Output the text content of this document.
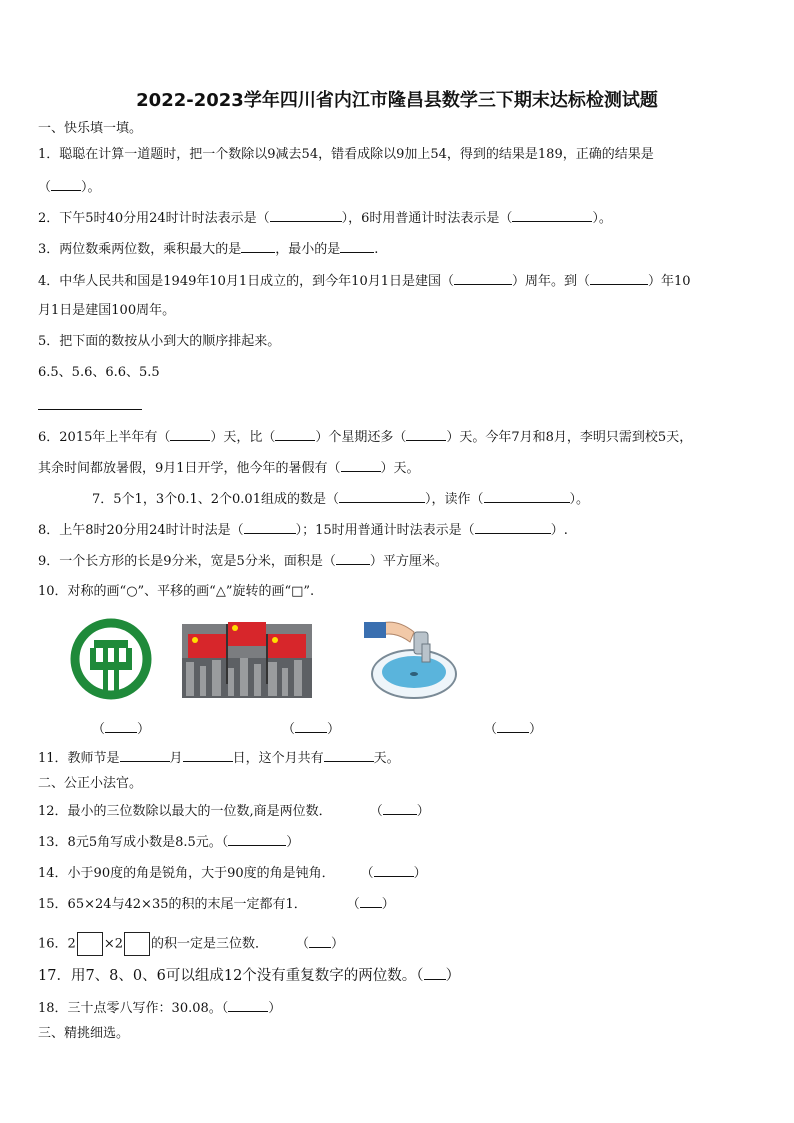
2022-2023学年四川省内江市隆昌县数学三下期末达标检测试题
一、快乐填一填。
1．聪聪在计算一道题时，把一个数除以9减去54，错看成除以9加上54，得到的结果是189，正确的结果是
（ ）。
2．下午5时40分用24时计时法表示是（	），6时用普通计时法表示是（	）。
3．两位数乘两位数，乘积最大的是	，最小的是	.
4．中华人民共和国是1949年10月1日成立的，到今年10月1日是建国（	）周年。到（	）年10
月1日是建国100周年。
5．把下面的数按从小到大的顺序排起来。
6.5、5.6、6.6、5.5
6．2015年上半年有（	）天，比（	）个星期还多（	）天。今年7月和8月，李明只需到校5天，
其余时间都放暑假，9月1日开学，他今年的暑假有（	）天。
7．5个1，3个0.1、2个0.01组成的数是（	），读作（	）。
8．上午8时20分用24时计时法是（	）；15时用普通计时法表示是（	）.
9．一个长方形的长是9分米，宽是5分米，面积是（	）平方厘米。
10．对称的画“○”、平移的画“△”旋转的画“□”.
（ ）	（ ）	（ ）
11．教师节是	月	日，这个月共有	天。
二、公正小法官。
12．最小的三位数除以最大的一位数,商是两位数．	（	）
13．8元5角写成小数是8.5元。（	）
14．小于90度的角是锐角，大于90度的角是钝角． （	）
15．65×24与42×35的积的末尾一定都有1．	（ ）
16．2 ×2 的积一定是三位数． （ ）
17．用7、8、0、6可以组成12个没有重复数字的两位数。（ ）
18．三十点零八写作：30.08。（	）
三、精挑细选。
